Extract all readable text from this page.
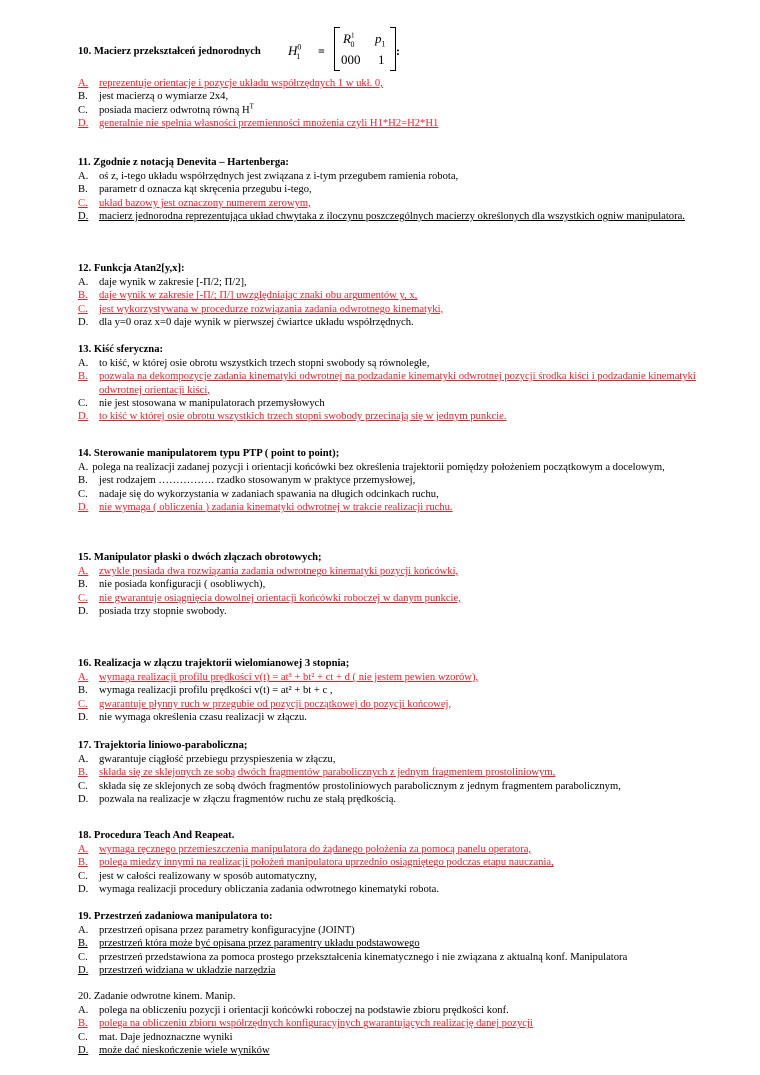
$H^0_1$ =
$R^1_0$ $p_1$
000 1
:
10. Macierz przekształceń jednorodnych
A. reprezentuje orientacje i pozycje układu współrzędnych 1 w ukł. 0,
B. jest macierzą o wymiarze 2x4,
C. posiada macierz odwrotną równą $H^T$
D. generalnie nie spełnia własności przemienności mnożenia czyli H1*H2=H2*H1
11. Zgodnie z notacją Denevita – Hartenberga:
A. oś z, i-tego układu współrzędnych jest związana z i-tym przegubem ramienia robota,
B. parametr d oznacza kąt skręcenia przegubu i-tego,
C. układ bazowy jest oznaczony numerem zerowym,
D. macierz jednorodna reprezentująca układ chwytaka z iloczynu poszczególnych macierzy określonych dla wszystkich ogniw manipulatora.
12. Funkcja Atan2[y,x]:
A. daje wynik w zakresie [-Π/2; Π/2],
B. daje wynik w zakresie [-Π/; Π/] uwzględniając znaki obu argumentów y, x,
C. jest wykorzystywana w procedurze rozwiązania zadania odwrotnego kinematyki,
D. dla y=0 oraz x=0 daje wynik w pierwszej ćwiartce układu współrzędnych.
13. Kiść sferyczna:
A. to kiść, w której osie obrotu wszystkich trzech stopni swobody są równoległe,
B. pozwala na dekompozycje zadania kinematyki odwrotnej na podzadanie kinematyki odwrotnej pozycji środka kiści i podzadanie kinematyki odwrotnej orientacji kiści,
C. nie jest stosowana w manipulatorach przemysłowych
D. to kiść w której osie obrotu wszystkich trzech stopni swobody przecinają się w jednym punkcie.
14. Sterowanie manipulatorem typu PTP ( point to point);
A. polega na realizacji zadanej pozycji i orientacji końcówki bez określenia trajektorii pomiędzy położeniem początkowym a docelowym,
B. jest rodzajem ……………. rzadko stosowanym w praktyce przemysłowej,
C. nadaje się do wykorzystania w zadaniach spawania na długich odcinkach ruchu,
D. nie wymaga ( obliczenia ) zadania kinematyki odwrotnej w trakcie realizacji ruchu.
15. Manipulator płaski o dwóch złączach obrotowych;
A. zwykle posiada dwa rozwiązania zadania odwrotnego kinematyki pozycji końcówki,
B. nie posiada konfiguracji ( osobliwych),
C. nie gwarantuje osiągnięcia dowolnej orientacji końcówki roboczej w danym punkcie,
D. posiada trzy stopnie swobody.
16. Realizacja w złączu trajektorii wielomianowej 3 stopnia;
A. wymaga realizacji profilu prędkości v(t) = at³ + bt² + ct + d ( nie jestem pewien wzorów),
B. wymaga realizacji profilu prędkości v(t) = at² + bt + c ,
C. gwarantuje płynny ruch w przegubie od pozycji początkowej do pozycji końcowej,
D. nie wymaga określenia czasu realizacji w złączu.
17. Trajektoria liniowo-paraboliczna;
A. gwarantuje ciągłość przebiegu przyspieszenia w złączu,
B. składa się ze sklejonych ze sobą dwóch fragmentów parabolicznych z jednym fragmentem prostoliniowym,
C. składa się ze sklejonych ze sobą dwóch fragmentów prostoliniowych parabolicznym z jednym fragmentem parabolicznym,
D. pozwala na realizacje w złączu fragmentów ruchu ze stałą prędkością.
18. Procedura Teach And Reapeat.
A. wymaga ręcznego przemieszczenia manipulatora do żądanego położenia za pomocą panelu operatora,
B. polega miedzy innymi na realizacji położeń manipulatora uprzednio osiągniętego podczas etapu nauczania,
C. jest w całości realizowany w sposób automatyczny,
D. wymaga realizacji procedury obliczania zadania odwrotnego kinematyki robota.
19. Przestrzeń zadaniowa manipulatora to:
A. przestrzeń opisana przez parametry konfiguracyjne (JOINT)
B. przestrzeń która może być opisana przez paramentry układu podstawowego
C. przestrzeń przedstawiona za pomoca prostego przekształcenia kinematycznego i nie związana z aktualną konf. Manipulatora
D. przestrzeń widziana w układzie narzędzia
20. Zadanie odwrotne kinem. Manip.
A. polega na obliczeniu pozycji i orientacji końcówki roboczej na podstawie zbioru prędkości konf.
B. polega na obliczeniu zbioru współrzędnych konfiguracyjnych gwarantujących realizację danej pozycji
C. mat. Daje jednoznaczne wyniki
D. może dać nieskończenie wiele wyników
